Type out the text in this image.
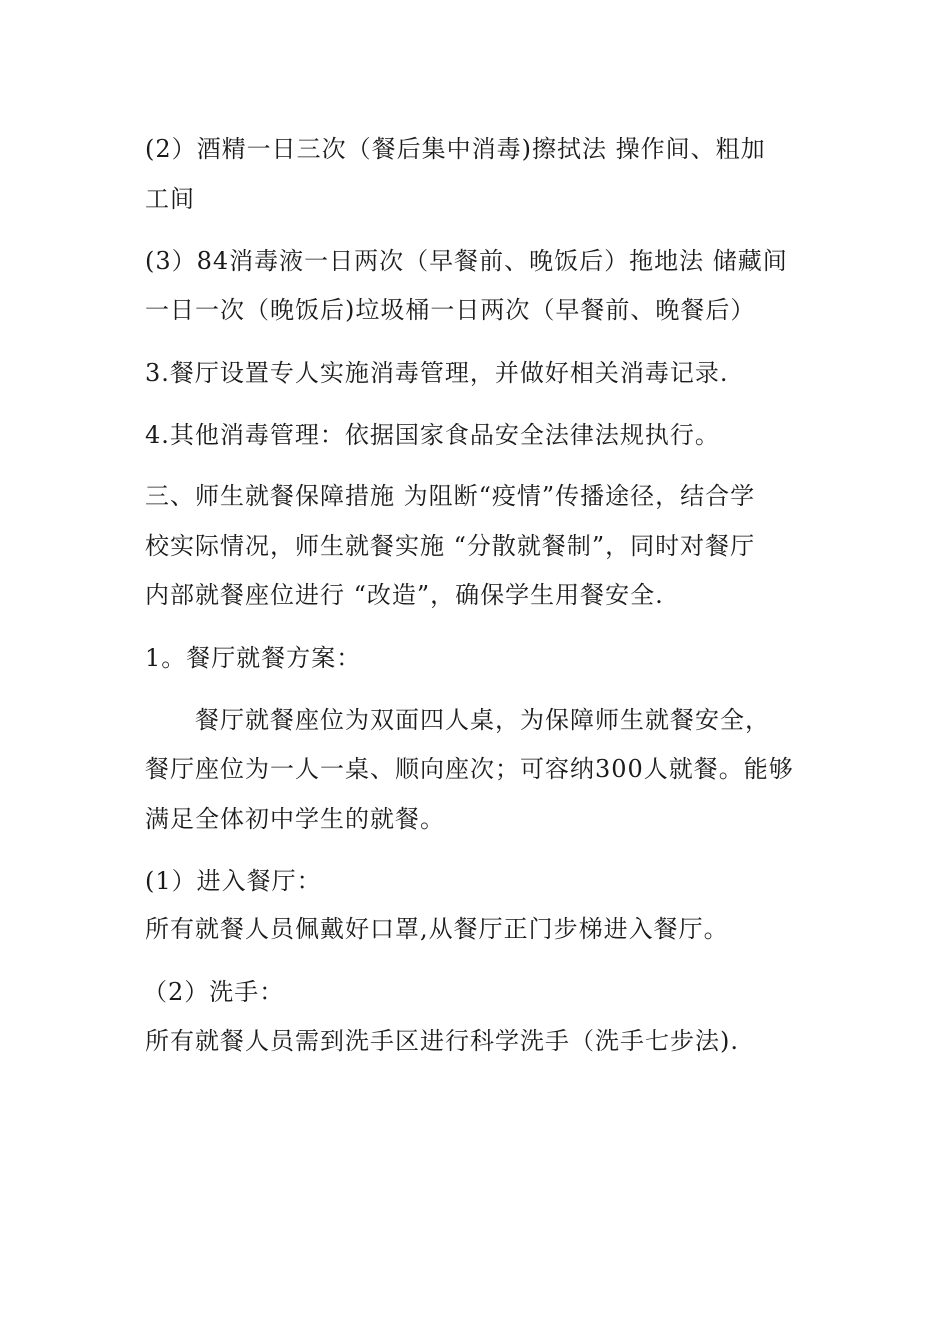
(2）酒精一日三次（餐后集中消毒)擦拭法 操作间、粗加
工间
(3）84消毒液一日两次（早餐前、晚饭后）拖地法 储藏间
一日一次（晚饭后)垃圾桶一日两次（早餐前、晚餐后）
3.餐厅设置专人实施消毒管理，并做好相关消毒记录.
4.其他消毒管理：依据国家食品安全法律法规执行。
三、师生就餐保障措施 为阻断“疫情”传播途径，结合学
校实际情况，师生就餐实施 “分散就餐制”，同时对餐厅
内部就餐座位进行 “改造”，确保学生用餐安全.
1。餐厅就餐方案：
餐厅就餐座位为双面四人桌，为保障师生就餐安全，
餐厅座位为一人一桌、顺向座次；可容纳300人就餐。能够
满足全体初中学生的就餐。
(1）进入餐厅：
所有就餐人员佩戴好口罩,从餐厅正门步梯进入餐厅。
（2）洗手：
所有就餐人员需到洗手区进行科学洗手（洗手七步法).
